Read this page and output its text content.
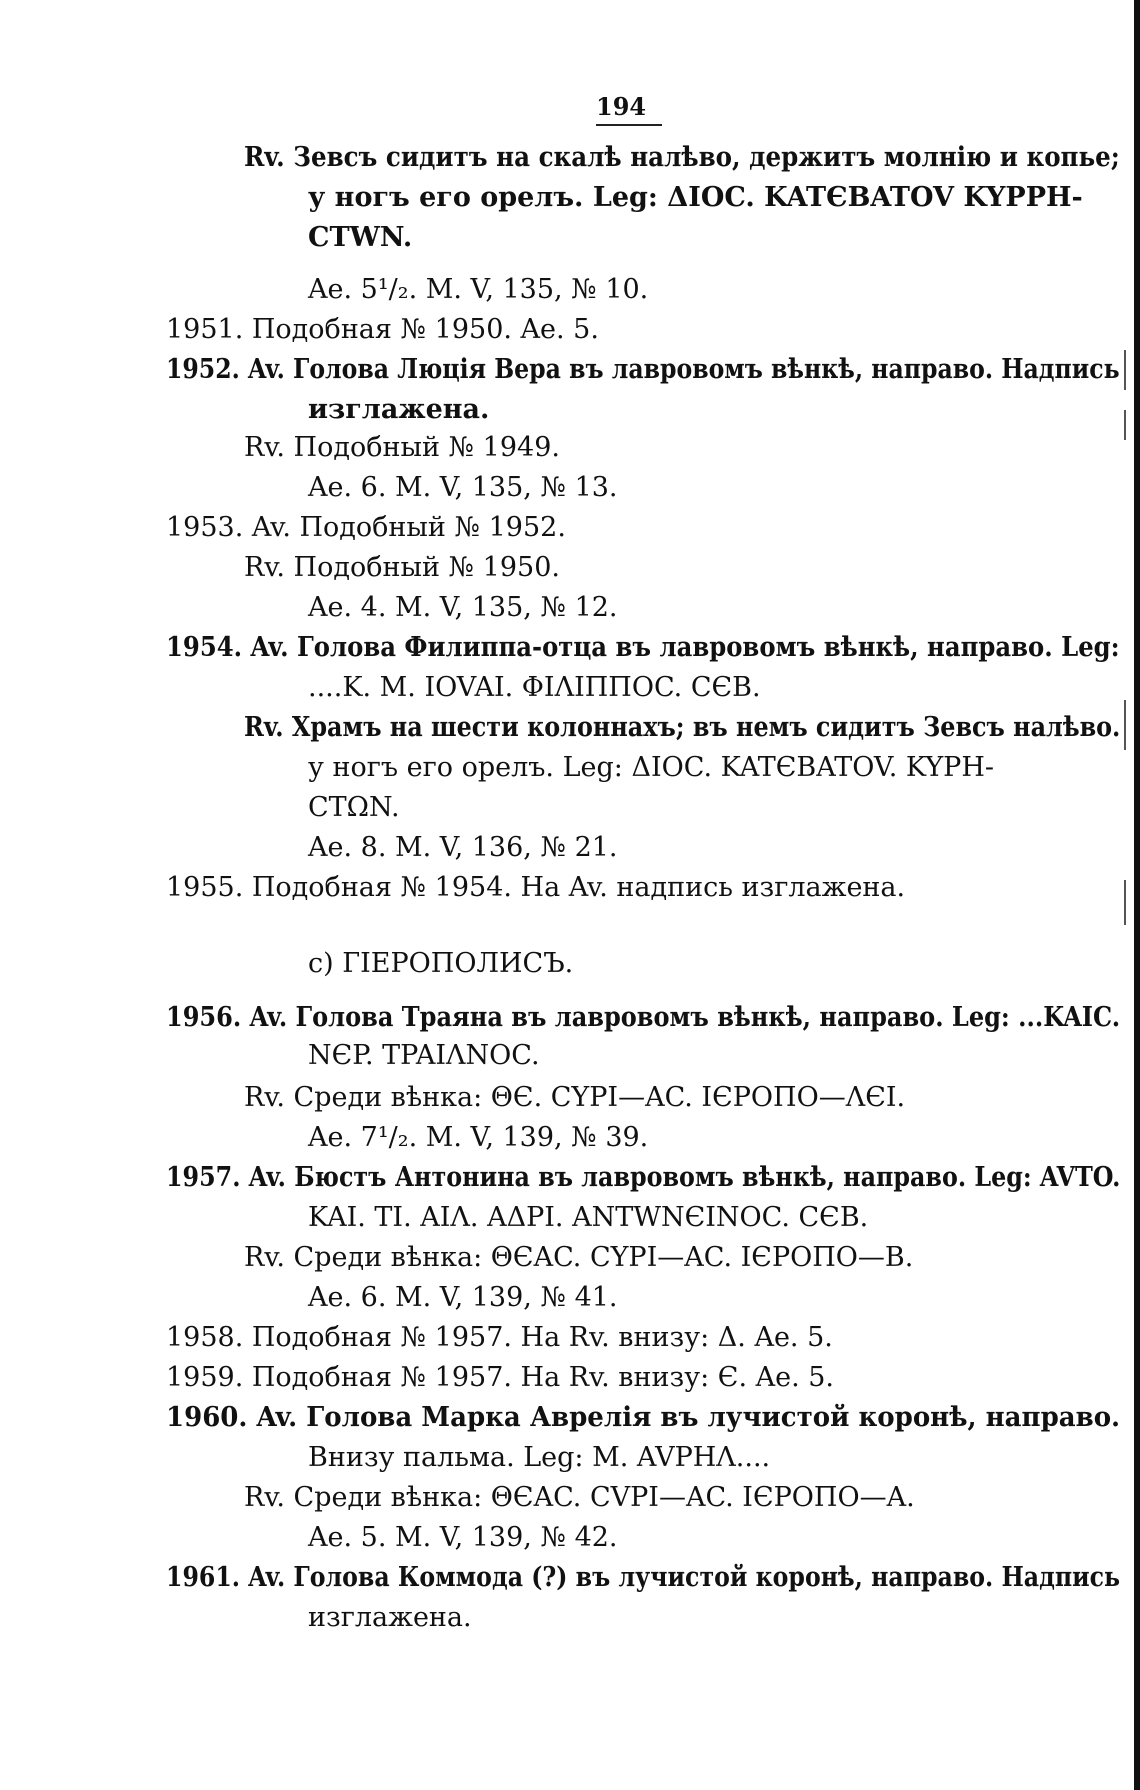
194
Rv. Зевсъ сидитъ на скалѣ налѣво, держитъ молнію и копье;
у ногъ его орелъ. Leg: ΔIOC. KATЄBATOV KYPPH-
CTWN.
Ae. 5¹/₂. M. V, 135, № 10.
1951. Подобная № 1950. Ae. 5.
1952. Av. Голова Люція Вера въ лавровомъ вѣнкѣ, направо. Надпись
изглажена.
Rv. Подобный № 1949.
Ae. 6. M. V, 135, № 13.
1953. Av. Подобный № 1952.
Rv. Подобный № 1950.
Ae. 4. M. V, 135, № 12.
1954. Av. Голова Филиппа-отца въ лавровомъ вѣнкѣ, направо. Leg:
....K. M. IOVAI. ΦIΛIΠΠOC. CЄB.
Rv. Храмъ на шести колоннахъ; въ немъ сидитъ Зевсъ налѣво.
у ногъ его орелъ. Leg: ΔIOC. KATЄBATOV. KYPH-
CTΩN.
Ae. 8. M. V, 136, № 21.
1955. Подобная № 1954. На Av. надпись изглажена.
c) ГІЕРОПОЛИСЪ.
1956. Av. Голова Траяна въ лавровомъ вѣнкѣ, направо. Leg: ...KAIC.
NЄP. TPAIΛNOC.
Rv. Среди вѣнка: ΘЄ. CYPI—AC. IЄPOΠO—ΛЄI.
Ae. 7¹/₂. M. V, 139, № 39.
1957. Av. Бюстъ Антонина въ лавровомъ вѣнкѣ, направо. Leg: AVTO.
KAI. TI. AIΛ. AΔPI. ANTWNЄINOC. CЄB.
Rv. Среди вѣнка: ΘЄAC. CYPI—AC. IЄPOΠO—B.
Ae. 6. M. V, 139, № 41.
1958. Подобная № 1957. На Rv. внизу: Δ. Ae. 5.
1959. Подобная № 1957. На Rv. внизу: Є. Ae. 5.
1960. Av. Голова Марка Аврелія въ лучистой коронѣ, направо.
Внизу пальма. Leg: M. AVPHΛ....
Rv. Среди вѣнка: ΘЄAC. CVPI—AC. IЄPOΠO—A.
Ae. 5. M. V, 139, № 42.
1961. Av. Голова Коммода (?) въ лучистой коронѣ, направо. Надпись
изглажена.
